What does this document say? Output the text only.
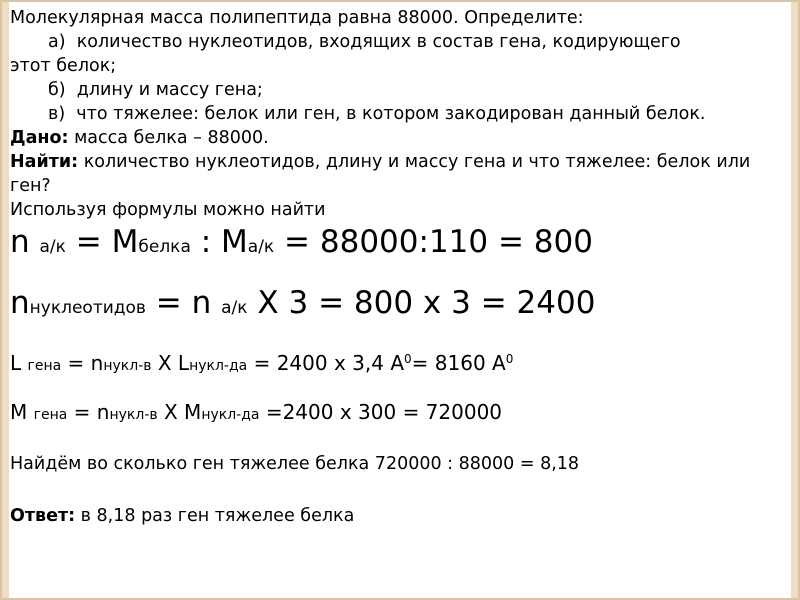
Молекулярная масса полипептида равна 88000. Определите:
а) количество нуклеотидов, входящих в состав гена, кодирующего
этот белок;
б) длину и массу гена;
в) что тяжелее: белок или ген, в котором закодирован данный белок.
Дано: масса белка – 88000.
Найти: количество нуклеотидов, длину и массу гена и что тяжелее: белок или ген?
Используя формулы можно найти
n а/к = Мбелка : Ма/к = 88000:110 = 800
nнуклеотидов = n а/к Х 3 = 800 х 3 = 2400
L гена = nнукл-в X Lнукл-да = 2400 х 3,4 $А^0= 8160$ $А^0$
M гена = nнукл-в X Mнукл-да =2400 х 300 = 720000
Найдём во сколько ген тяжелее белка 720000 : 88000 = 8,18
Ответ: в 8,18 раз ген тяжелее белка
